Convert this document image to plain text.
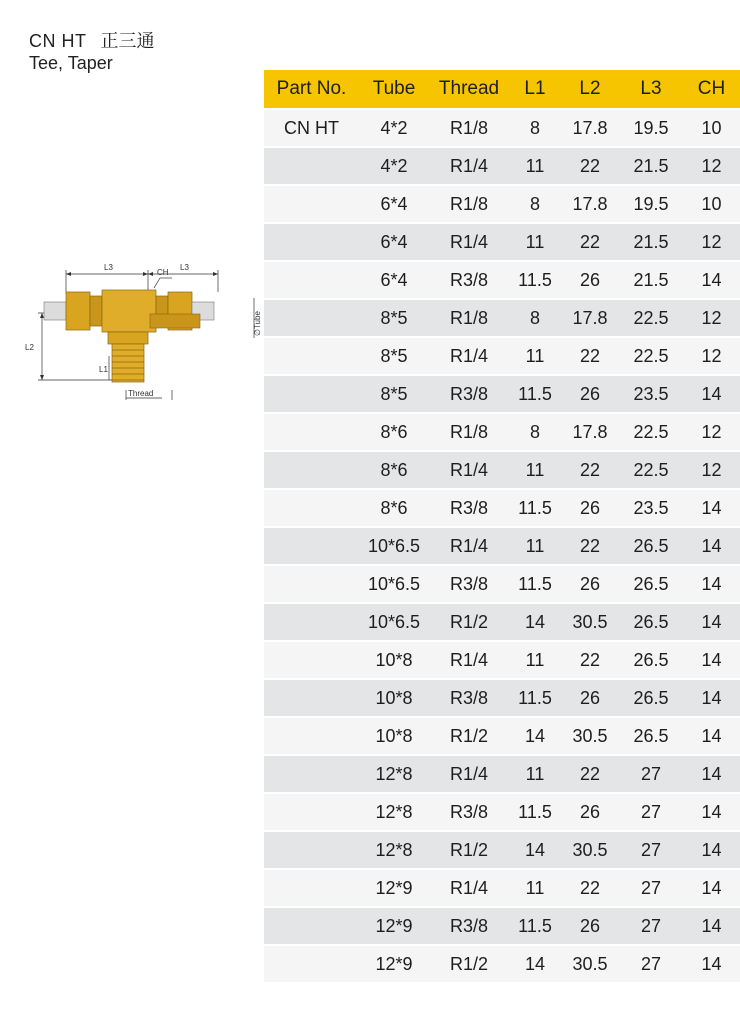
CN HT 正三通
Tee, Taper
L3	L3
CH
L2
L1
Thread
∅Tube
Part No.	Tube	Thread	L1	L2	L3	CH
CN HT	4*2	R1/8	8	17.8	19.5	10
	4*2	R1/4	11	22	21.5	12
	6*4	R1/8	8	17.8	19.5	10
	6*4	R1/4	11	22	21.5	12
	6*4	R3/8	11.5	26	21.5	14
	8*5	R1/8	8	17.8	22.5	12
	8*5	R1/4	11	22	22.5	12
	8*5	R3/8	11.5	26	23.5	14
	8*6	R1/8	8	17.8	22.5	12
	8*6	R1/4	11	22	22.5	12
	8*6	R3/8	11.5	26	23.5	14
	10*6.5	R1/4	11	22	26.5	14
	10*6.5	R3/8	11.5	26	26.5	14
	10*6.5	R1/2	14	30.5	26.5	14
	10*8	R1/4	11	22	26.5	14
	10*8	R3/8	11.5	26	26.5	14
	10*8	R1/2	14	30.5	26.5	14
	12*8	R1/4	11	22	27	14
	12*8	R3/8	11.5	26	27	14
	12*8	R1/2	14	30.5	27	14
	12*9	R1/4	11	22	27	14
	12*9	R3/8	11.5	26	27	14
	12*9	R1/2	14	30.5	27	14
